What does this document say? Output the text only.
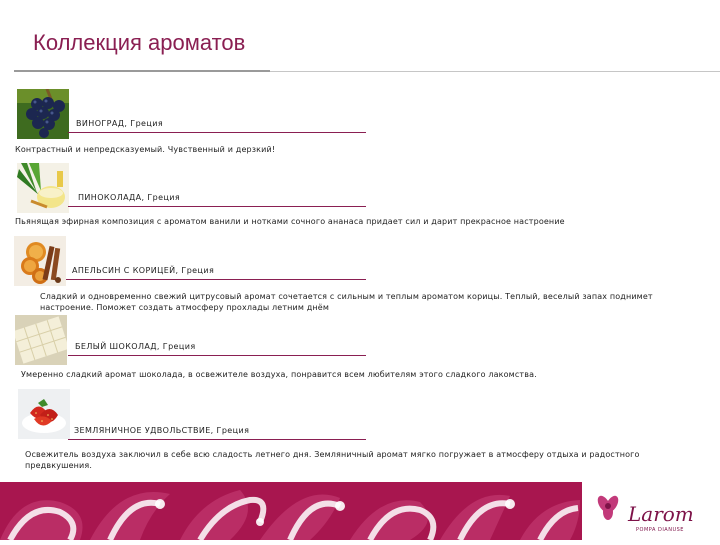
Коллекция ароматов
ВИНОГРАД, Греция
Контрастный и непредсказуемый. Чувственный и дерзкий!
ПИНОКОЛАДА, Греция
Пьянящая эфирная композиция с ароматом ванили и нотками сочного ананаса придает сил и дарит прекрасное настроение
АПЕЛЬСИН С КОРИЦЕЙ, Греция
Сладкий и одновременно свежий цитрусовый аромат сочетается с сильным и теплым ароматом корицы. Теплый, веселый запах поднимет настроение. Поможет создать атмосферу прохлады летним днём
БЕЛЫЙ ШОКОЛАД, Греция
Умеренно сладкий аромат шоколада, в освежителе воздуха, понравится всем любителям этого сладкого лакомства.
ЗЕМЛЯНИЧНОЕ УДВОЛЬСТВИЕ, Греция
Освежитель воздуха заключил в себе всю сладость летнего дня. Земляничный аромат мягко погружает в атмосферу отдыха и радостного предвкушения.
Larom
POMPA DIANUSE
